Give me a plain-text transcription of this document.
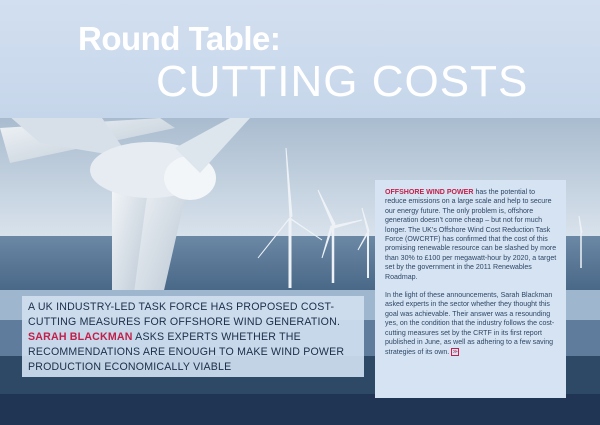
Round Table:
CUTTING COSTS

A UK INDUSTRY-LED TASK FORCE HAS PROPOSED COST-CUTTING MEASURES FOR OFFSHORE WIND GENERATION. SARAH BLACKMAN ASKS EXPERTS WHETHER THE RECOMMENDATIONS ARE ENOUGH TO MAKE WIND POWER PRODUCTION ECONOMICALLY VIABLE

OFFSHORE WIND POWER has the potential to reduce emissions on a large scale and help to secure our energy future. The only problem is, offshore generation doesn’t come cheap – but not for much longer. The UK’s Offshore Wind Cost Reduction Task Force (OWCRTF) has confirmed that the cost of this promising renewable resource can be slashed by more than 30% to £100 per megawatt-hour by 2020, a target set by the government in the 2011 Renewables Roadmap.

In the light of these announcements, Sarah Blackman asked experts in the sector whether they thought this goal was achievable. Their answer was a resounding yes, on the condition that the industry follows the cost-cutting measures set by the CRTF in its first report published in June, as well as adhering to a few saving strategies of its own. ≫
